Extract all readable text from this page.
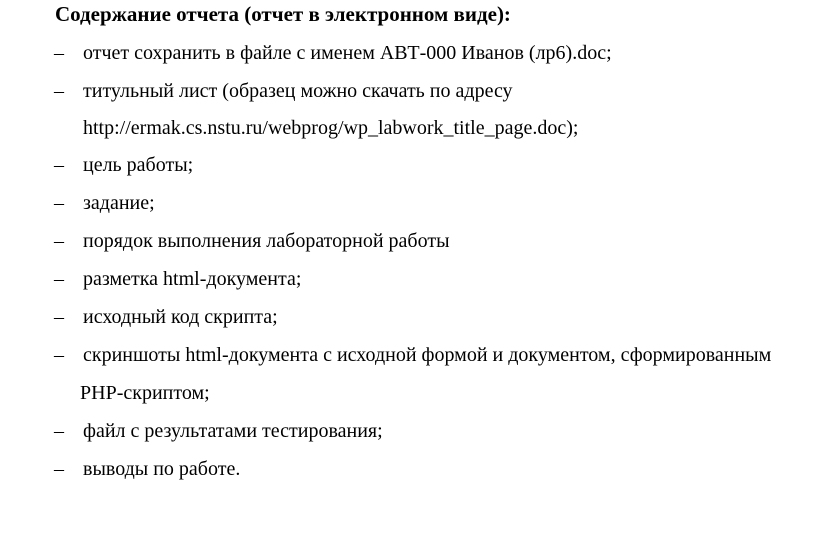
Содержание отчета (отчет в электронном виде):
– отчет сохранить в файле с именем АВТ-000 Иванов (лр6).doc;
– титульный лист (образец можно скачать по адресу
http://ermak.cs.nstu.ru/webprog/wp_labwork_title_page.doc);
– цель работы;
– задание;
– порядок выполнения лабораторной работы
– разметка html-документа;
– исходный код скрипта;
– скриншоты html-документа с исходной формой и документом, сформированным
PHP-скриптом;
– файл с результатами тестирования;
– выводы по работе.
